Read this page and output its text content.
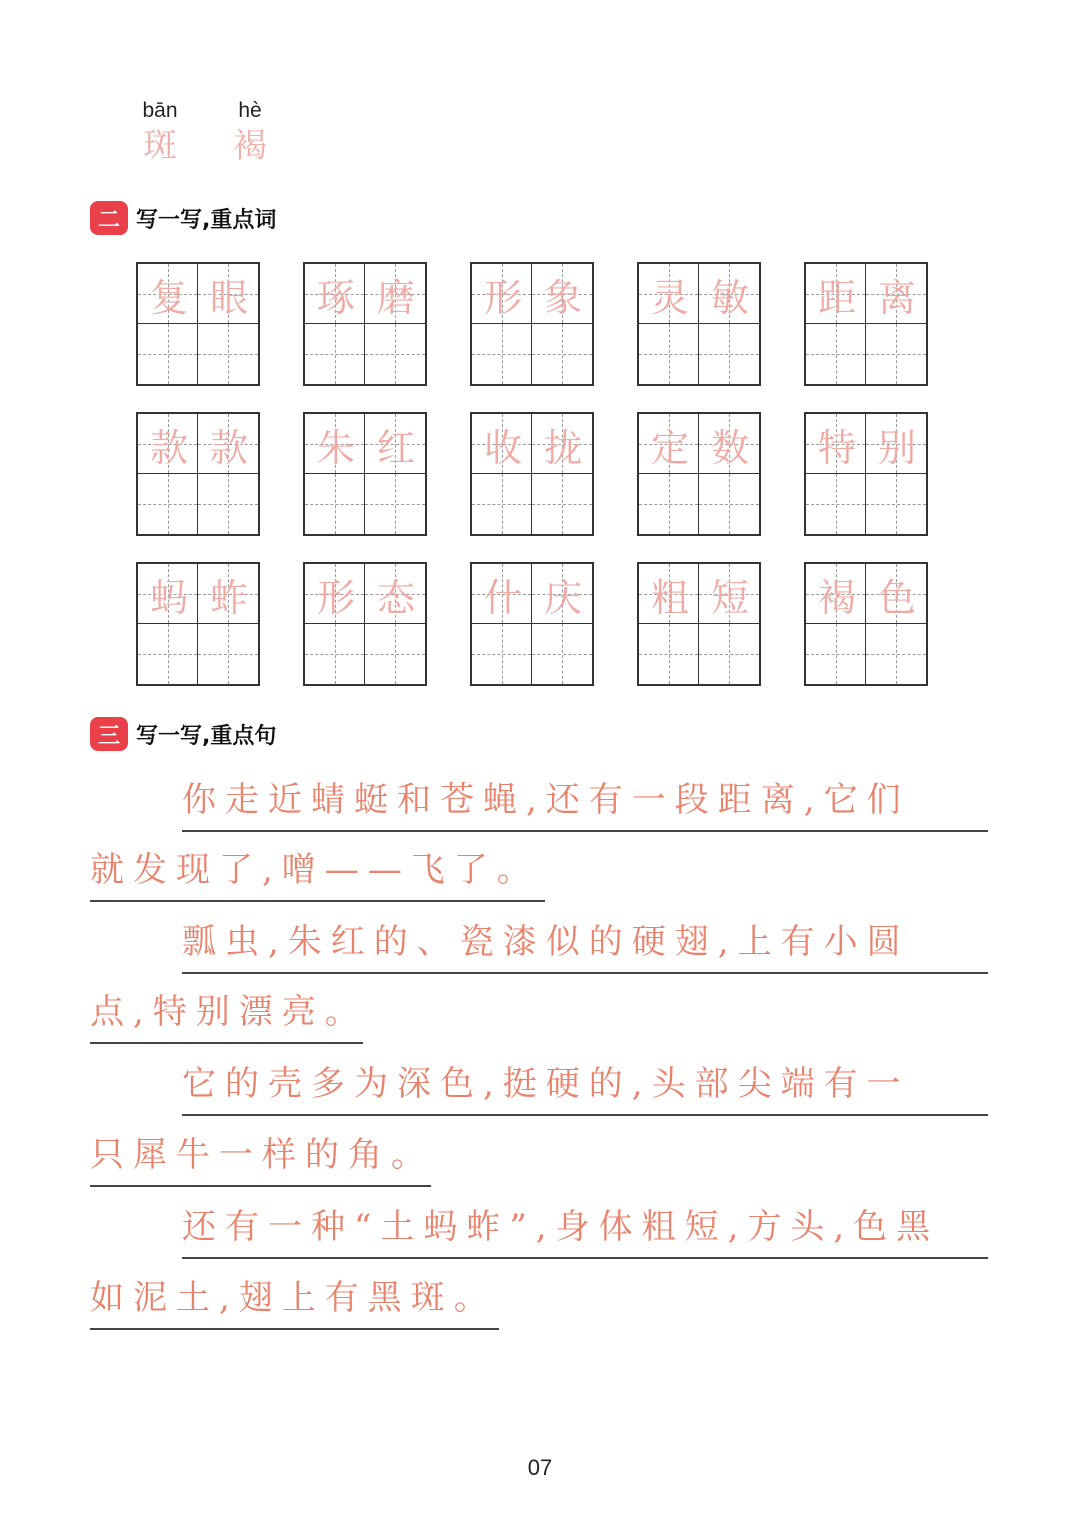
bān
斑
hè
褐
二 写一写,重点词
复 眼	琢 磨	形 象	灵 敏	距 离
款 款	朱 红	收 拢	定 数	特 别
蚂 蚱	形 态	什 庆	粗 短	褐 色
三 写一写,重点句
你走近蜻蜓和苍蝇,还有一段距离,它们
就发现了,噌——飞了。
瓢虫,朱红的、瓷漆似的硬翅,上有小圆
点,特别漂亮。
它的壳多为深色,挺硬的,头部尖端有一
只犀牛一样的角。
还有一种“土蚂蚱”,身体粗短,方头,色黑
如泥土,翅上有黑斑。
07
